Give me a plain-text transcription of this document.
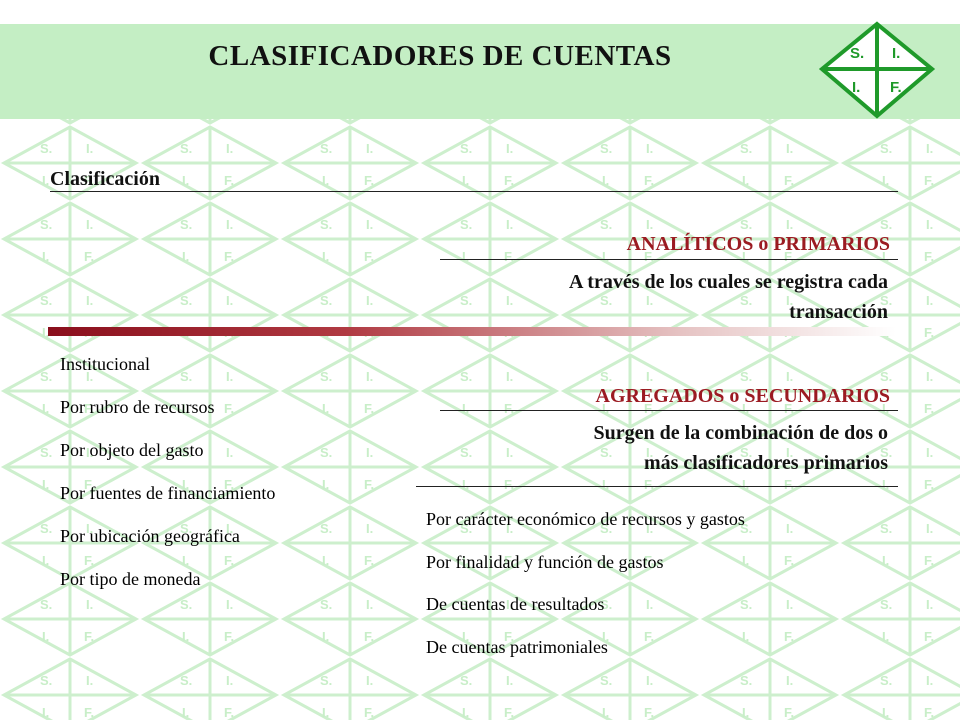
CLASIFICADORES DE CUENTAS	S. I.
I. F.
Clasificación
ANALÍTICOS o PRIMARIOS
A través de los cuales se registra cada
transacción
Institucional
Por rubro de recursos
Por objeto del gasto
Por fuentes de financiamiento
Por ubicación geográfica
Por tipo de moneda
AGREGADOS o SECUNDARIOS
Surgen de la combinación de dos o
más clasificadores primarios
Por carácter económico de recursos y gastos
Por finalidad y función de gastos
De cuentas de resultados
De cuentas patrimoniales
